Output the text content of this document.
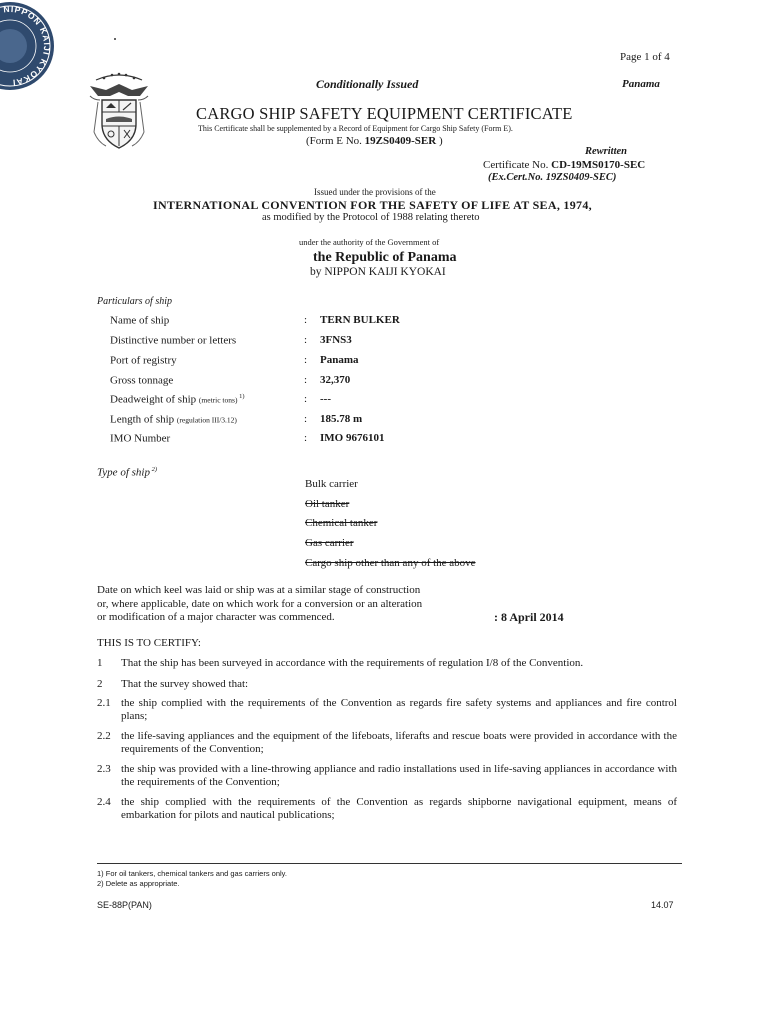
NIPPON KAIJI KYOKAI
Page 1 of 4
Conditionally Issued	Panama
CARGO SHIP SAFETY EQUIPMENT CERTIFICATE
This Certificate shall be supplemented by a Record of Equipment for Cargo Ship Safety (Form E).
(Form E No. 19ZS0409-SER )
Rewritten
Certificate No. CD-19MS0170-SEC
(Ex.Cert.No. 19ZS0409-SEC)
Issued under the provisions of the
INTERNATIONAL CONVENTION FOR THE SAFETY OF LIFE AT SEA, 1974,
as modified by the Protocol of 1988 relating thereto
under the authority of the Government of
the Republic of Panama
by NIPPON KAIJI KYOKAI
Particulars of ship
Name of ship	: TERN BULKER
Distinctive number or letters	: 3FNS3
Port of registry	: Panama
Gross tonnage	: 32,370
Deadweight of ship (metric tons) $^{1)}$	: ---
Length of ship (regulation III/3.12)	: 185.78 m
IMO Number	: IMO 9676101
Type of ship $^{2)}$
Bulk carrier
Oil tanker
Chemical tanker
Gas carrier
Cargo ship other than any of the above
Date on which keel was laid or ship was at a similar stage of construction
or, where applicable, date on which work for a conversion or an alteration
or modification of a major character was commenced.	: 8 April 2014
THIS IS TO CERTIFY:
1 That the ship has been surveyed in accordance with the requirements of regulation I/8 of the Convention.
2 That the survey showed that:
2.1 the ship complied with the requirements of the Convention as regards fire safety systems and appliances and fire control plans;
2.2 the life-saving appliances and the equipment of the lifeboats, liferafts and rescue boats were provided in accordance with the requirements of the Convention;
2.3 the ship was provided with a line-throwing appliance and radio installations used in life-saving appliances in accordance with the requirements of the Convention;
2.4 the ship complied with the requirements of the Convention as regards shipborne navigational equipment, means of embarkation for pilots and nautical publications;
1) For oil tankers, chemical tankers and gas carriers only.
2) Delete as appropriate.
SE-88P(PAN)	14.07
